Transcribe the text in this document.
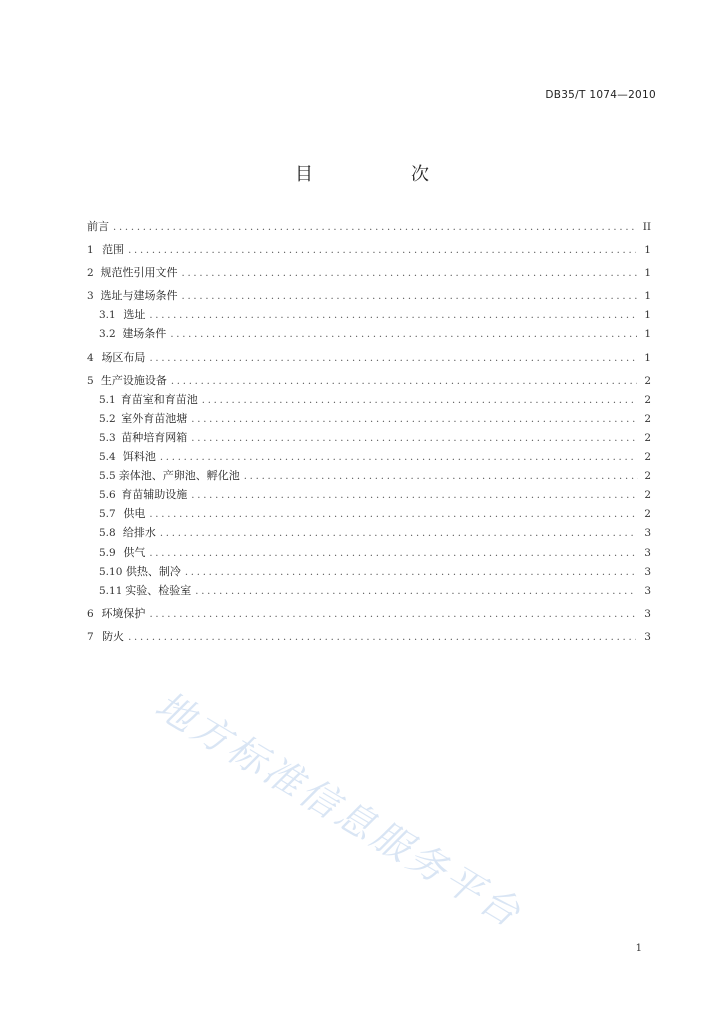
DB35/T 1074—2010
目　次
前言 . . .	II
1 范围 . . .	1
2 规范性引用文件 . . .	1
3 选址与建场条件 . . .	1
3.1 选址 . . .	1
3.2 建场条件 . . .	1
4 场区布局 . . .	1
5 生产设施设备 . . .	2
5.1 育苗室和育苗池 . . .	2
5.2 室外育苗池塘 . . .	2
5.3 苗种培育网箱 . . .	2
5.4 饵料池 . . .	2
5.5 亲体池、产卵池、孵化池 . . .	2
5.6 育苗辅助设施 . . .	2
5.7 供电 . . .	2
5.8 给排水 . . .	3
5.9 供气 . . .	3
5.10 供热、制冷 . . .	3
5.11 实验、检验室 . . .	3
6 环境保护 . . .	3
7 防火 . . .	3
地方标准信息服务平台
1
